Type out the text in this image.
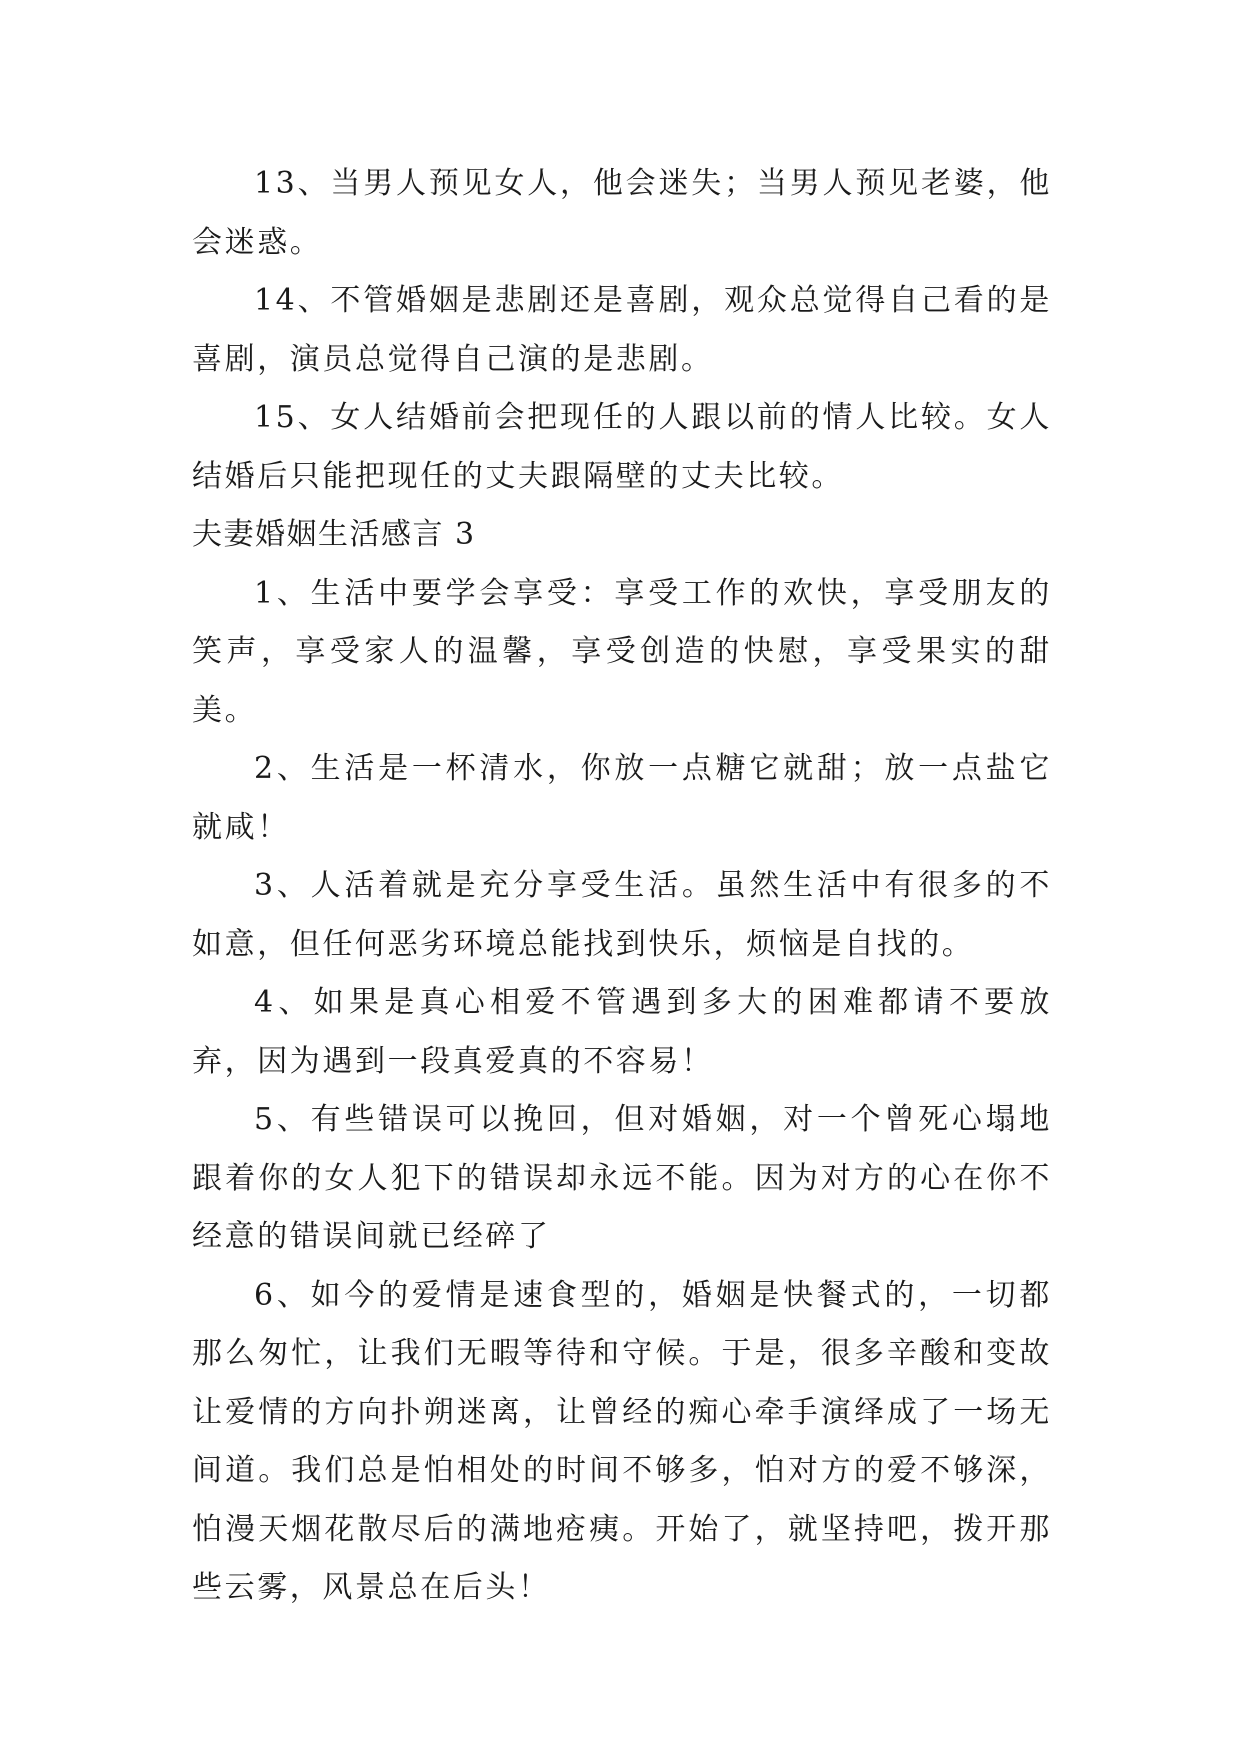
13、当男人预见女人，他会迷失；当男人预见老婆，他会迷惑。

14、不管婚姻是悲剧还是喜剧，观众总觉得自己看的是喜剧，演员总觉得自己演的是悲剧。

15、女人结婚前会把现任的人跟以前的情人比较。女人结婚后只能把现任的丈夫跟隔壁的丈夫比较。

夫妻婚姻生活感言 3

1、生活中要学会享受：享受工作的欢快，享受朋友的笑声，享受家人的温馨，享受创造的快慰，享受果实的甜美。

2、生活是一杯清水，你放一点糖它就甜；放一点盐它就咸！

3、人活着就是充分享受生活。虽然生活中有很多的不如意，但任何恶劣环境总能找到快乐，烦恼是自找的。

4、如果是真心相爱不管遇到多大的困难都请不要放弃，因为遇到一段真爱真的不容易！

5、有些错误可以挽回，但对婚姻，对一个曾死心塌地跟着你的女人犯下的错误却永远不能。因为对方的心在你不经意的错误间就已经碎了

6、如今的爱情是速食型的，婚姻是快餐式的，一切都那么匆忙，让我们无暇等待和守候。于是，很多辛酸和变故让爱情的方向扑朔迷离，让曾经的痴心牵手演绎成了一场无间道。我们总是怕相处的时间不够多，怕对方的爱不够深，怕漫天烟花散尽后的满地疮痍。开始了，就坚持吧，拨开那些云雾，风景总在后头！
